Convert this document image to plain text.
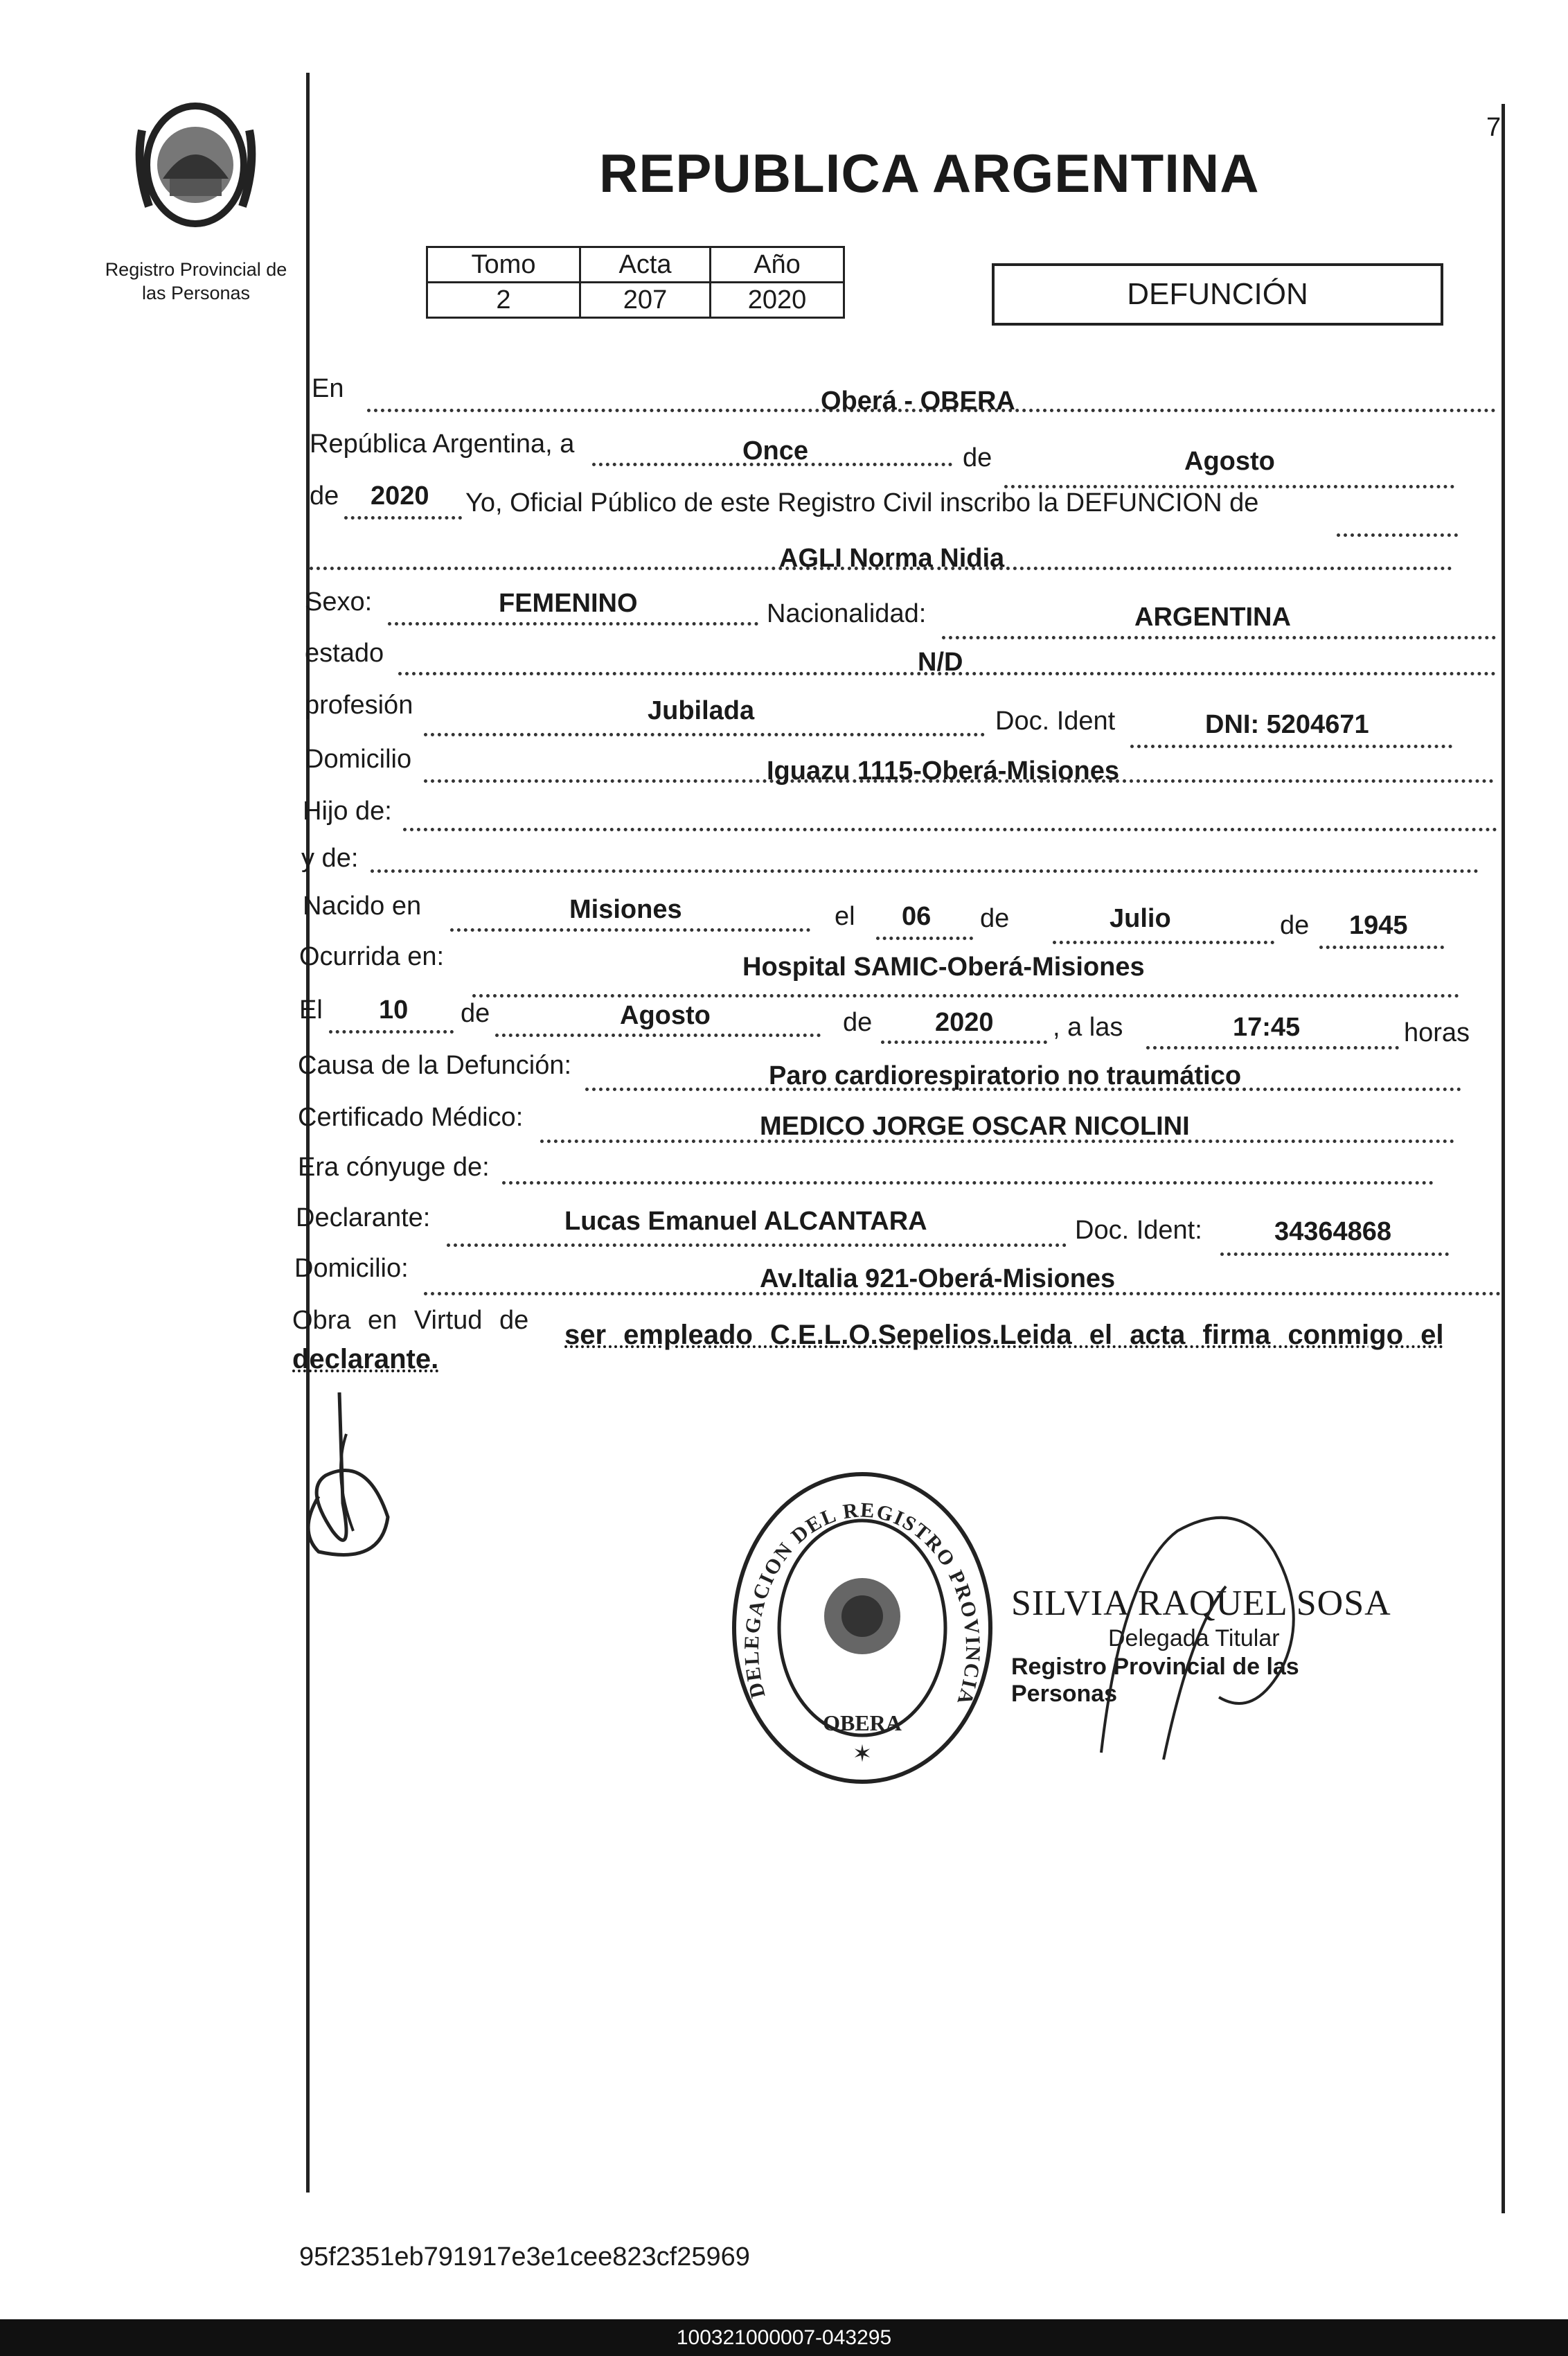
Registro Provincial de
las Personas
7
REPUBLICA ARGENTINA
Tomo	Acta	Año
2	207	2020	DEFUNCIÓN
En	Oberá - OBERA
República Argentina, a	Once	de	Agosto
de 2020 Yo, Oficial Público de este Registro Civil inscribo la DEFUNCION de
AGLI Norma Nidia
Sexo:	FEMENINO	Nacionalidad:	ARGENTINA
estado	N/D
profesión	Jubilada	Doc. Ident	DNI: 5204671
Domicilio	Iguazu 1115-Oberá-Misiones
Hijo de:
y de:
Nacido en	Misiones	el 06 de	Julio	de 1945
Ocurrida en:	Hospital SAMIC-Oberá-Misiones
El 10 de	Agosto	de 2020 , a las	17:45	horas
Causa de la Defunción:	Paro cardiorespiratorio no traumático
Certificado Médico:	MEDICO JORGE OSCAR NICOLINI
Era cónyuge de:
Declarante:	Lucas Emanuel ALCANTARA	Doc. Ident:	34364868
Domicilio:	Av.Italia 921-Oberá-Misiones
Obra en Virtud de ser empleado C.E.L.O.Sepelios.Leida el acta firma conmigo el
declarante.
DELEGACION DEL REGISTRO PROVINCIA
OBERA
✶
SILVIA RAQUEL SOSA
Delegada Titular
Registro Provincial de las Personas
95f2351eb791917e3e1cee823cf25969
100321000007-043295
